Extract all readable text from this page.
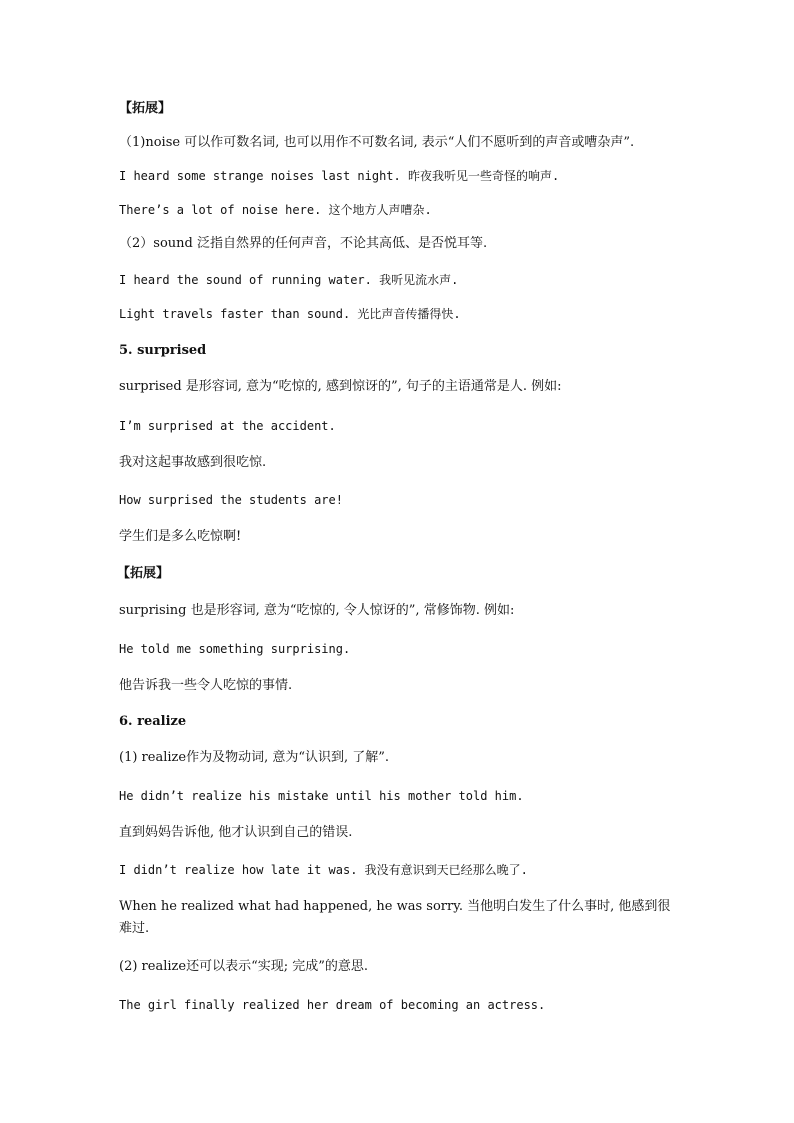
【拓展】
（1)noise 可以作可数名词, 也可以用作不可数名词, 表示“人们不愿听到的声音或嘈杂声”.
I heard some strange noises last night. 昨夜我听见一些奇怪的响声.
There’s a lot of noise here. 这个地方人声嘈杂.
（2）sound 泛指自然界的任何声音，不论其高低、是否悦耳等.
I heard the sound of running water. 我听见流水声.
Light travels faster than sound. 光比声音传播得快.
5. surprised
surprised 是形容词, 意为“吃惊的, 感到惊讶的”, 句子的主语通常是人. 例如:
I’m surprised at the accident.
我对这起事故感到很吃惊.
How surprised the students are!
学生们是多么吃惊啊!
【拓展】
surprising 也是形容词, 意为“吃惊的, 令人惊讶的”, 常修饰物. 例如:
He told me something surprising.
他告诉我一些令人吃惊的事情.
6. realize
(1) realize作为及物动词, 意为“认识到, 了解”.
He didn’t realize his mistake until his mother told him.
直到妈妈告诉他, 他才认识到自己的错误.
I didn’t realize how late it was. 我没有意识到天已经那么晚了.
When he realized what had happened, he was sorry. 当他明白发生了什么事时, 他感到很难过.
(2) realize还可以表示“实现; 完成”的意思.
The girl finally realized her dream of becoming an actress.
